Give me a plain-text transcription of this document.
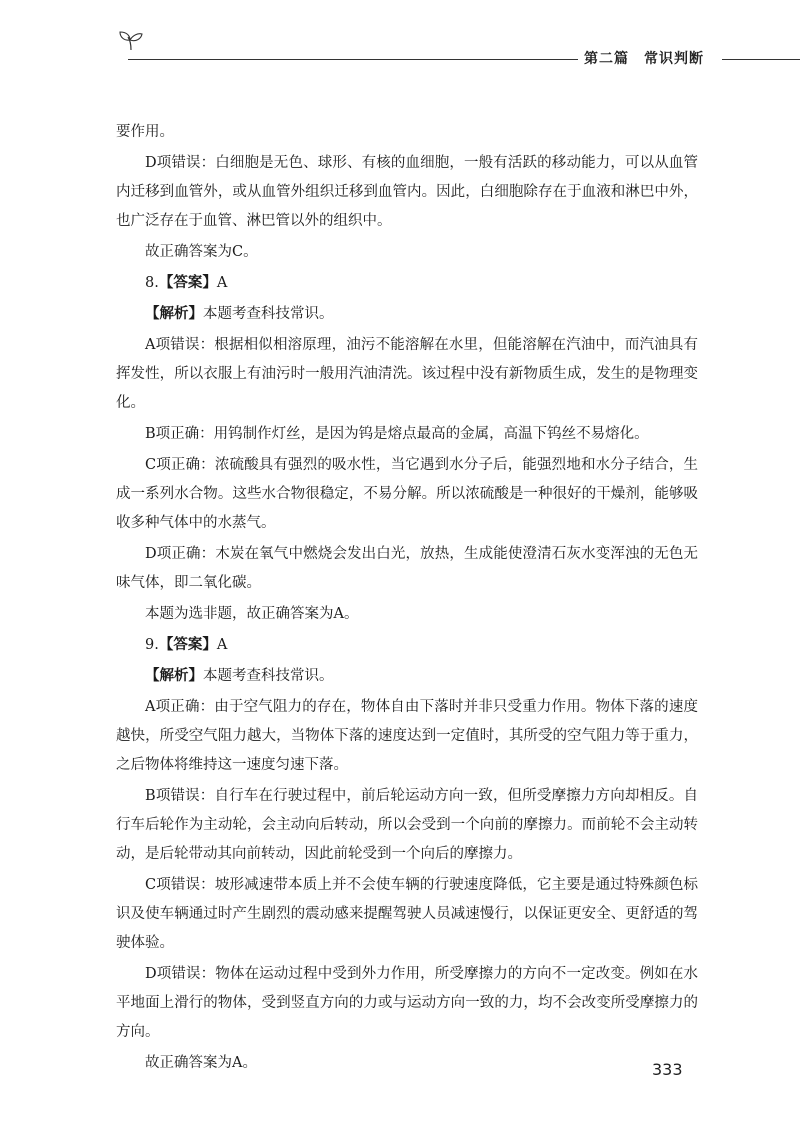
第二篇　常识判断

要作用。

D项错误：白细胞是无色、球形、有核的血细胞，一般有活跃的移动能力，可以从血管内迁移到血管外，或从血管外组织迁移到血管内。因此，白细胞除存在于血液和淋巴中外，也广泛存在于血管、淋巴管以外的组织中。

故正确答案为C。

8.【答案】A

【解析】本题考查科技常识。

A项错误：根据相似相溶原理，油污不能溶解在水里，但能溶解在汽油中，而汽油具有挥发性，所以衣服上有油污时一般用汽油清洗。该过程中没有新物质生成，发生的是物理变化。

B项正确：用钨制作灯丝，是因为钨是熔点最高的金属，高温下钨丝不易熔化。

C项正确：浓硫酸具有强烈的吸水性，当它遇到水分子后，能强烈地和水分子结合，生成一系列水合物。这些水合物很稳定，不易分解。所以浓硫酸是一种很好的干燥剂，能够吸收多种气体中的水蒸气。

D项正确：木炭在氧气中燃烧会发出白光，放热，生成能使澄清石灰水变浑浊的无色无味气体，即二氧化碳。

本题为选非题，故正确答案为A。

9.【答案】A

【解析】本题考查科技常识。

A项正确：由于空气阻力的存在，物体自由下落时并非只受重力作用。物体下落的速度越快，所受空气阻力越大，当物体下落的速度达到一定值时，其所受的空气阻力等于重力，之后物体将维持这一速度匀速下落。

B项错误：自行车在行驶过程中，前后轮运动方向一致，但所受摩擦力方向却相反。自行车后轮作为主动轮，会主动向后转动，所以会受到一个向前的摩擦力。而前轮不会主动转动，是后轮带动其向前转动，因此前轮受到一个向后的摩擦力。

C项错误：坡形减速带本质上并不会使车辆的行驶速度降低，它主要是通过特殊颜色标识及使车辆通过时产生剧烈的震动感来提醒驾驶人员减速慢行，以保证更安全、更舒适的驾驶体验。

D项错误：物体在运动过程中受到外力作用，所受摩擦力的方向不一定改变。例如在水平地面上滑行的物体，受到竖直方向的力或与运动方向一致的力，均不会改变所受摩擦力的方向。

故正确答案为A。	333
